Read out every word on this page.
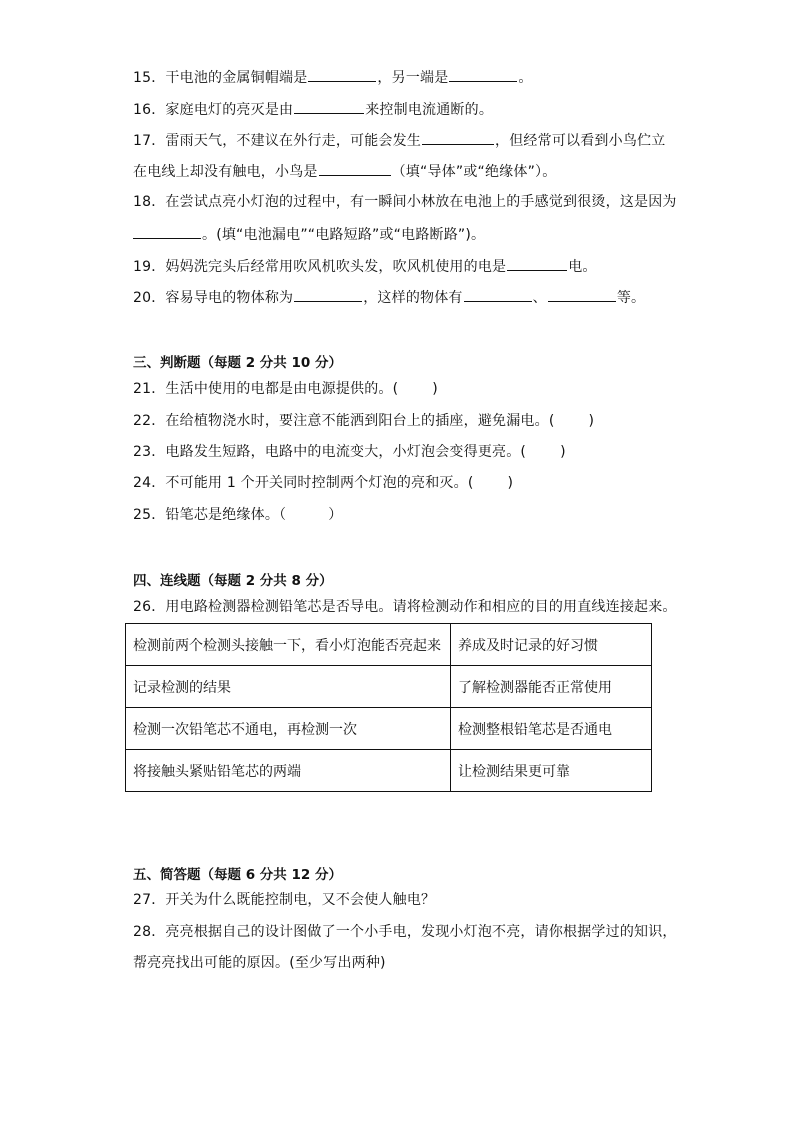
15．干电池的金属铜帽端是	，另一端是	。
16．家庭电灯的亮灭是由	来控制电流通断的。
17．雷雨天气，不建议在外行走，可能会发生	，但经常可以看到小鸟伫立
在电线上却没有触电，小鸟是	（填“导体”或“绝缘体”）。
18．在尝试点亮小灯泡的过程中，有一瞬间小林放在电池上的手感觉到很烫，这是因为
。(填“电池漏电”“电路短路”或“电路断路”)。
19．妈妈洗完头后经常用吹风机吹头发，吹风机使用的电是	电。
20．容易导电的物体称为	，这样的物体有	、	等。
三、判断题（每题 2 分共 10 分）
21．生活中使用的电都是由电源提供的。( )
22．在给植物浇水时，要注意不能洒到阳台上的插座，避免漏电。( )
23．电路发生短路，电路中的电流变大，小灯泡会变得更亮。( )
24．不可能用 1 个开关同时控制两个灯泡的亮和灭。( )
25．铅笔芯是绝缘体。（	）
四、连线题（每题 2 分共 8 分）
26．用电路检测器检测铅笔芯是否导电。请将检测动作和相应的目的用直线连接起来。
检测前两个检测头接触一下，看小灯泡能否亮起来	养成及时记录的好习惯
记录检测的结果	了解检测器能否正常使用
检测一次铅笔芯不通电，再检测一次	检测整根铅笔芯是否通电
将接触头紧贴铅笔芯的两端	让检测结果更可靠
五、简答题（每题 6 分共 12 分）
27．开关为什么既能控制电，又不会使人触电？
28．亮亮根据自己的设计图做了一个小手电，发现小灯泡不亮，请你根据学过的知识，
帮亮亮找出可能的原因。(至少写出两种)
